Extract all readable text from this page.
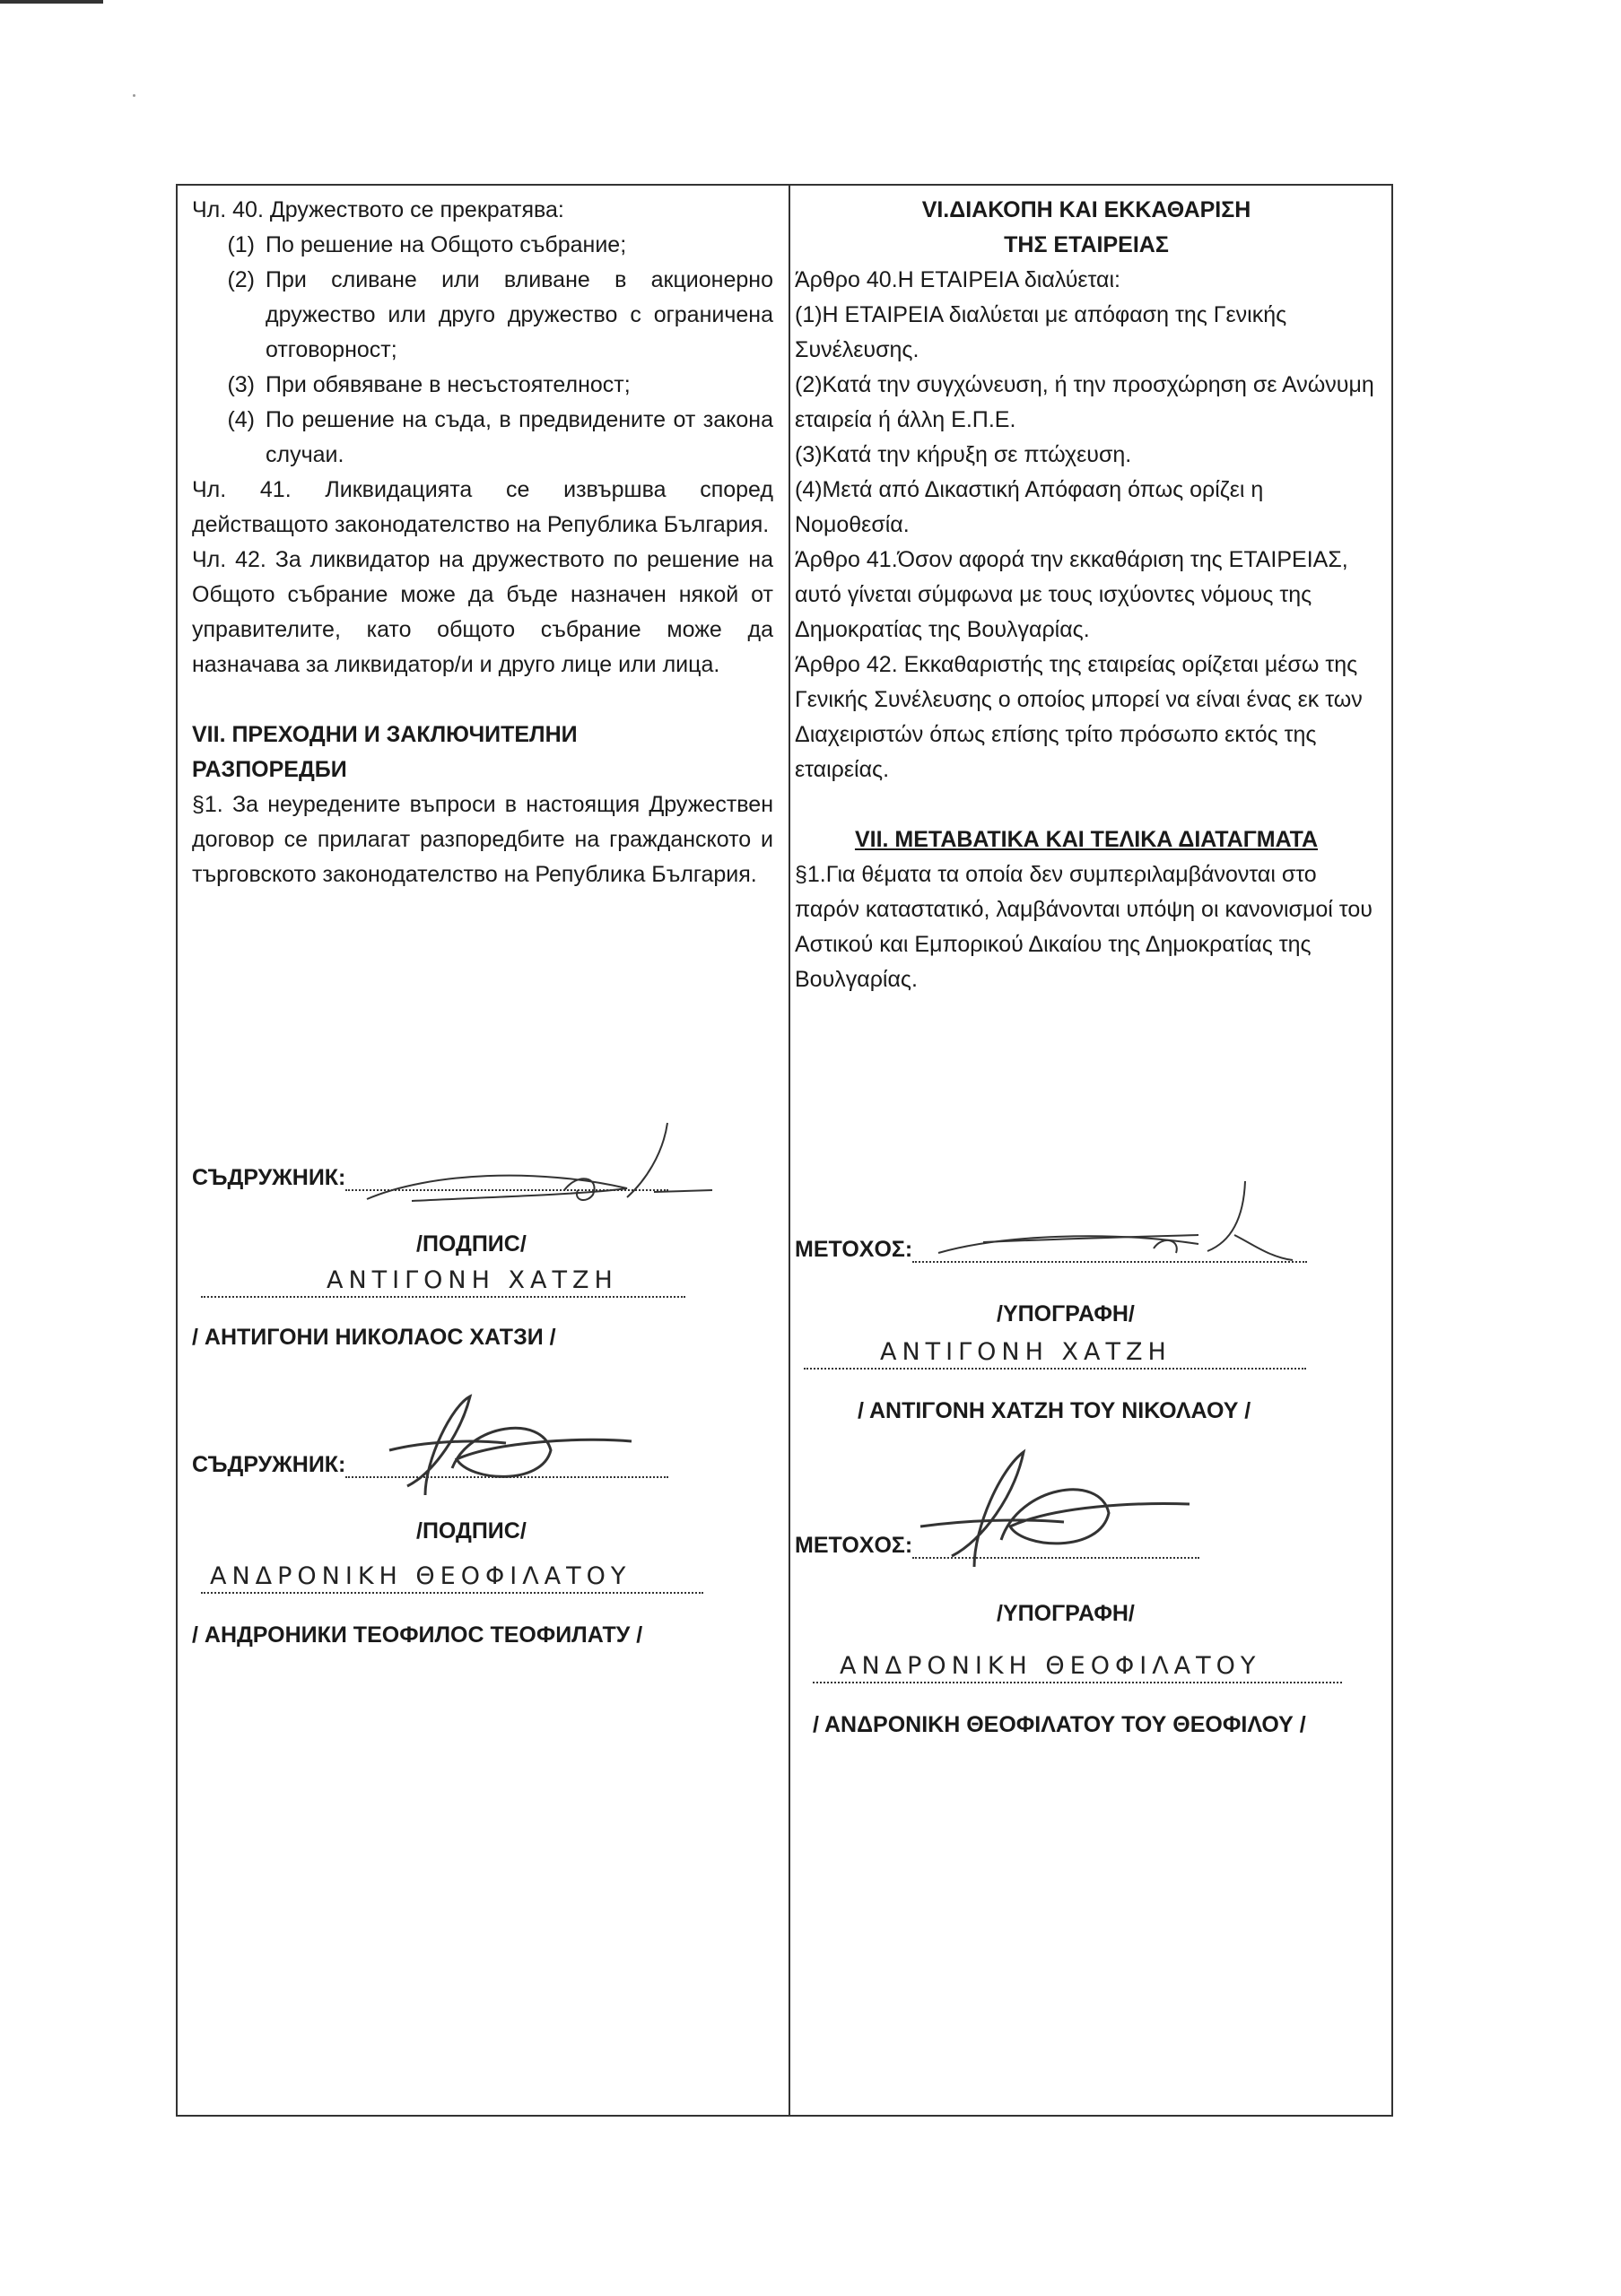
Чл. 40. Дружеството се прекратява:

(1) По решение на Общото събрание;
(2) При сливане или вливане в акционерно дружество или друго дружество с ограничена отговорност;
(3) При обявяване в несъстоятелност;
(4) По решение на съда, в предвидените от закона случаи.

Чл. 41. Ликвидацията се извършва според действащото законодателство на Република България.

Чл. 42. За ликвидатор на дружеството по решение на Общото събрание може да бъде назначен някой от управителите, като общото събрание може да назначава за ликвидатор/и и друго лице или лица.

VII. ПРЕХОДНИ И ЗАКЛЮЧИТЕЛНИ РАЗПОРЕДБИ

§1. За неуредените въпроси в настоящия Дружествен договор се прилагат разпоредбите на гражданското и търговското законодателство на Република България.

VI.ΔΙΑΚΟΠΗ ΚΑΙ ΕΚΚΑΘΑΡΙΣΗ

ΤΗΣ ΕΤΑΙΡΕΙΑΣ

Άρθρο 40.Η ΕΤΑΙΡΕΙΑ διαλύεται:

(1)Η ΕΤΑΙΡΕΙΑ διαλύεται με απόφαση της Γενικής Συνέλευσης.

(2)Κατά την συγχώνευση, ή την προσχώρηση σε Ανώνυμη εταιρεία ή άλλη Ε.Π.Ε.

(3)Κατά την κήρυξη σε πτώχευση.

(4)Μετά από Δικαστική Απόφαση όπως ορίζει η Νομοθεσία.

Άρθρο 41.Όσον αφορά την εκκαθάριση της ΕΤΑΙΡΕΙΑΣ, αυτό γίνεται σύμφωνα με τους ισχύοντες νόμους της Δημοκρατίας της Βουλγαρίας.

Άρθρο 42. Εκκαθαριστής της εταιρείας ορίζεται μέσω της Γενικής Συνέλευσης ο οποίος μπορεί να είναι ένας εκ των Διαχειριστών όπως επίσης τρίτο πρόσωπο εκτός της εταιρείας.

VII. ΜΕΤΑΒΑΤΙΚΑ ΚΑΙ ΤΕΛΙΚΑ ΔΙΑΤΑΓΜΑΤΑ

§1.Για θέματα τα οποία δεν συμπεριλαμβάνονται στο παρόν καταστατικό, λαμβάνονται υπόψη οι κανονισμοί του Αστικού και Εμπορικού Δικαίου της Δημοκρατίας της Βουλγαρίας.

СЪДРУЖНИК:

/ПОДПИС/

ΑΝΤΙΓΟΝΗ ΧΑΤΖΗ

/ АНТИГОНИ НИКОЛАОС ХАТЗИ /

СЪДРУЖНИК:

/ПОДПИС/

ΑΝΔΡΟΝΙΚΗ ΘΕΟΦΙΛΑΤΟΥ

/ АНДРОНИКИ ТЕОФИЛОС ТЕОФИЛАТУ /

ΜΕΤΟΧΟΣ:

/ΥΠΟΓΡΑΦΗ/

ΑΝΤΙΓΟΝΗ ΧΑΤΖΗ

/ ΑΝΤΙΓΟΝΗ ΧΑΤΖΗ ΤΟΥ ΝΙΚΟΛΑΟΥ /

ΜΕΤΟΧΟΣ:

/ΥΠΟΓΡΑΦΗ/

ΑΝΔΡΟΝΙΚΗ ΘΕΟΦΙΛΑΤΟΥ

/ ΑΝΔΡΟΝΙΚΗ ΘΕΟΦΙΛΑΤΟΥ ΤΟΥ ΘΕΟΦΙΛΟΥ /
